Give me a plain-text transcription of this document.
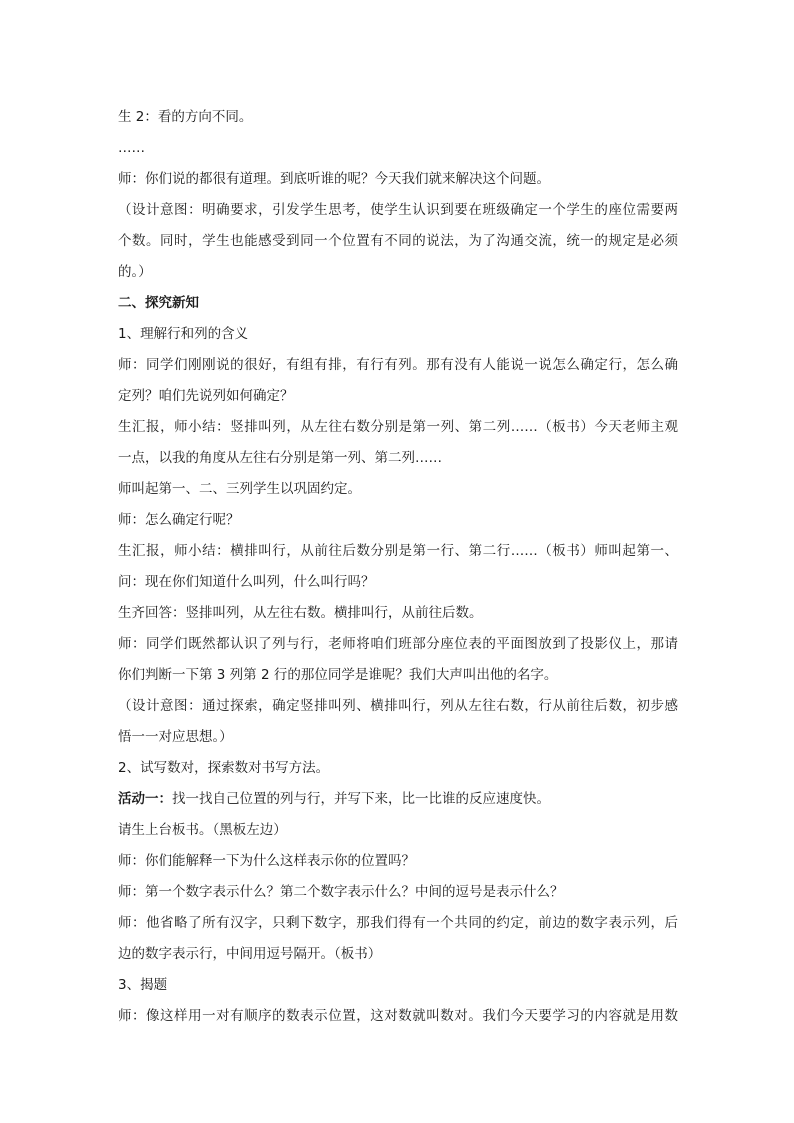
生 2：看的方向不同。
……
师：你们说的都很有道理。到底听谁的呢？今天我们就来解决这个问题。
（设计意图：明确要求，引发学生思考，使学生认识到要在班级确定一个学生的座位需要两
个数。同时，学生也能感受到同一个位置有不同的说法，为了沟通交流，统一的规定是必须
的。）
二、探究新知
1、理解行和列的含义
师：同学们刚刚说的很好，有组有排，有行有列。那有没有人能说一说怎么确定行，怎么确
定列？咱们先说列如何确定？
生汇报，师小结：竖排叫列，从左往右数分别是第一列、第二列……（板书）今天老师主观
一点，以我的角度从左往右分别是第一列、第二列……
师叫起第一、二、三列学生以巩固约定。
师：怎么确定行呢？
生汇报，师小结：横排叫行，从前往后数分别是第一行、第二行……（板书）师叫起第一、
问：现在你们知道什么叫列，什么叫行吗？
生齐回答：竖排叫列，从左往右数。横排叫行，从前往后数。
师：同学们既然都认识了列与行，老师将咱们班部分座位表的平面图放到了投影仪上，那请
你们判断一下第 3 列第 2 行的那位同学是谁呢？我们大声叫出他的名字。
（设计意图：通过探索，确定竖排叫列、横排叫行，列从左往右数，行从前往后数，初步感
悟一一对应思想。）
2、试写数对，探索数对书写方法。
活动一：找一找自己位置的列与行，并写下来，比一比谁的反应速度快。
请生上台板书。（黑板左边）
师：你们能解释一下为什么这样表示你的位置吗？
师：第一个数字表示什么？第二个数字表示什么？中间的逗号是表示什么？
师：他省略了所有汉字，只剩下数字，那我们得有一个共同的约定，前边的数字表示列，后
边的数字表示行，中间用逗号隔开。（板书）
3、揭题
师：像这样用一对有顺序的数表示位置，这对数就叫数对。我们今天要学习的内容就是用数
